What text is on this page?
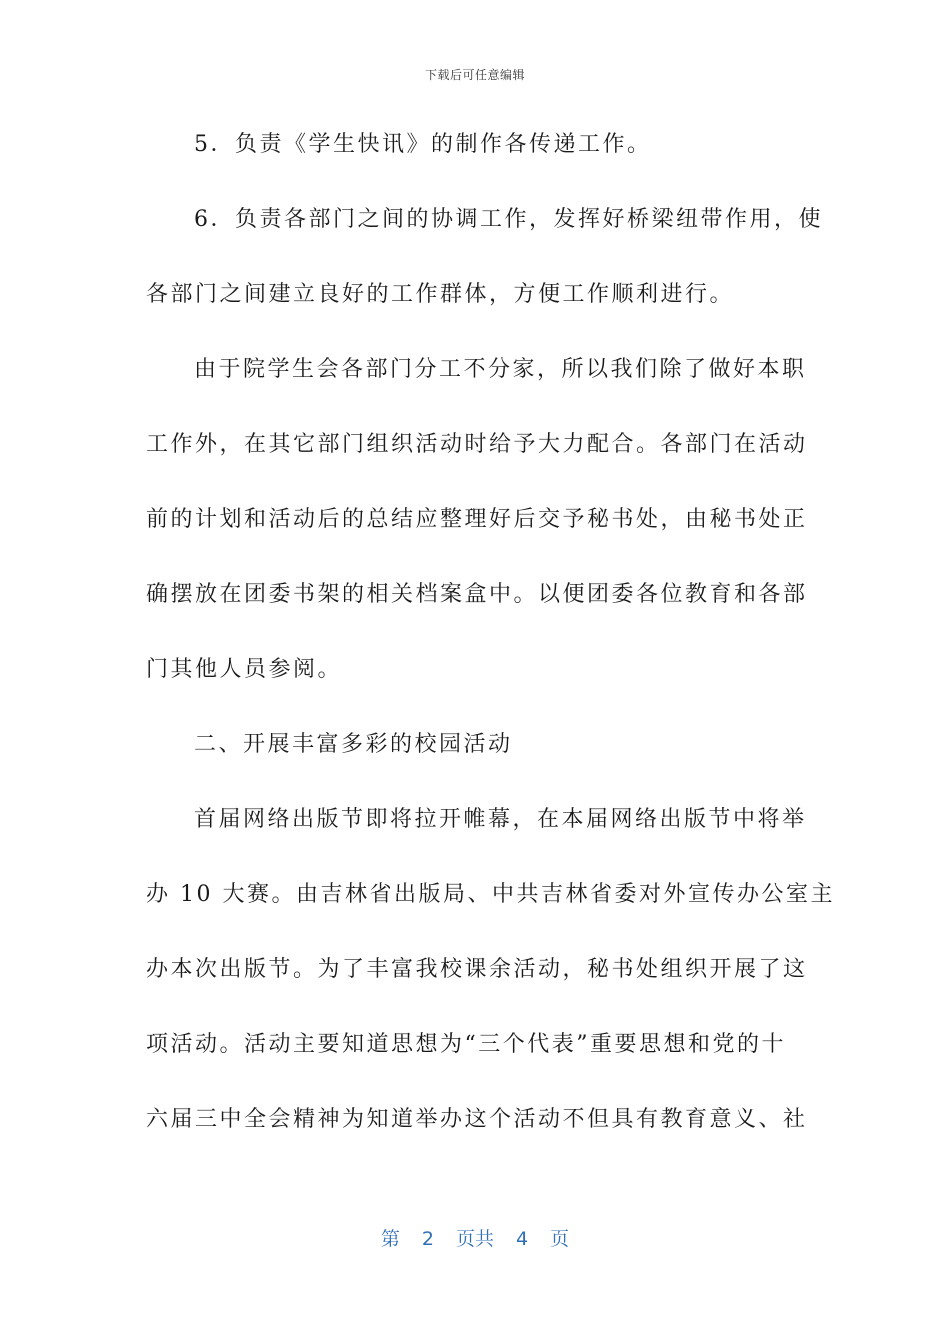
下载后可任意编辑
5．负责《学生快讯》的制作各传递工作。
6．负责各部门之间的协调工作，发挥好桥梁纽带作用，使
各部门之间建立良好的工作群体，方便工作顺利进行。
由于院学生会各部门分工不分家，所以我们除了做好本职
工作外，在其它部门组织活动时给予大力配合。各部门在活动
前的计划和活动后的总结应整理好后交予秘书处，由秘书处正
确摆放在团委书架的相关档案盒中。以便团委各位教育和各部
门其他人员参阅。
二、开展丰富多彩的校园活动
首届网络出版节即将拉开帷幕，在本届网络出版节中将举
办 10 大赛。由吉林省出版局、中共吉林省委对外宣传办公室主
办本次出版节。为了丰富我校课余活动，秘书处组织开展了这
项活动。活动主要知道思想为“三个代表”重要思想和党的十
六届三中全会精神为知道举办这个活动不但具有教育意义、社
第 2 页共 4 页
